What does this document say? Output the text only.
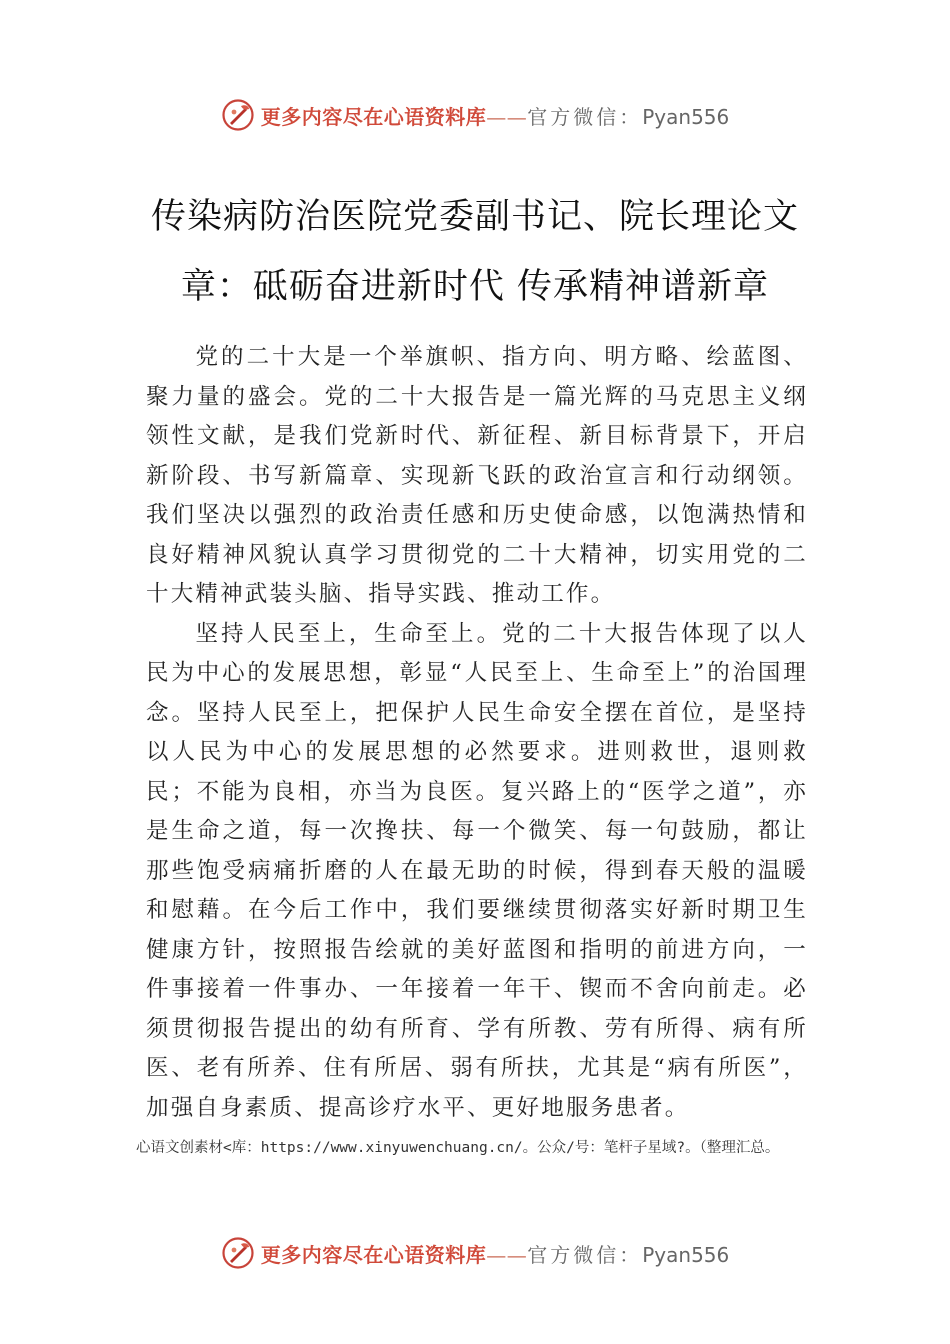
更多内容尽在心语资料库——官方微信：Pyan556
传染病防治医院党委副书记、院长理论文
章：砥砺奋进新时代 传承精神谱新章

党的二十大是一个举旗帜、指方向、明方略、绘蓝图、聚力量的盛会。党的二十大报告是一篇光辉的马克思主义纲领性文献，是我们党新时代、新征程、新目标背景下，开启新阶段、书写新篇章、实现新飞跃的政治宣言和行动纲领。 我们坚决以强烈的政治责任感和历史使命感，以饱满热情和良好精神风貌认真学习贯彻党的二十大精神，切实用党的二十大精神武装头脑、指导实践、推动工作。

坚持人民至上，生命至上。党的二十大报告体现了以人民为中心的发展思想，彰显“人民至上、生命至上”的治国理念。坚持人民至上，把保护人民生命安全摆在首位，是坚持以人民为中心的发展思想的必然要求。进则救世，退则救民；不能为良相，亦当为良医。复兴路上的“医学之道”，亦是生命之道，每一次搀扶、每一个微笑、每一句鼓励，都让那些饱受病痛折磨的人在最无助的时候，得到春天般的温暖和慰藉。在今后工作中，我们要继续贯彻落实好新时期卫生健康方针，按照报告绘就的美好蓝图和指明的前进方向，一件事接着一件事办、一年接着一年干、锲而不舍向前走。必须贯彻报告提出的幼有所育、学有所教、劳有所得、病有所医、老有所养、住有所居、弱有所扶，尤其是“病有所医”，加强自身素质、提高诊疗水平、更好地服务患者。

心语文创素材<库：https://www.xinyuwenchuang.cn/。公众/号：笔杆子星域?。（整理汇总。
更多内容尽在心语资料库——官方微信：Pyan556
